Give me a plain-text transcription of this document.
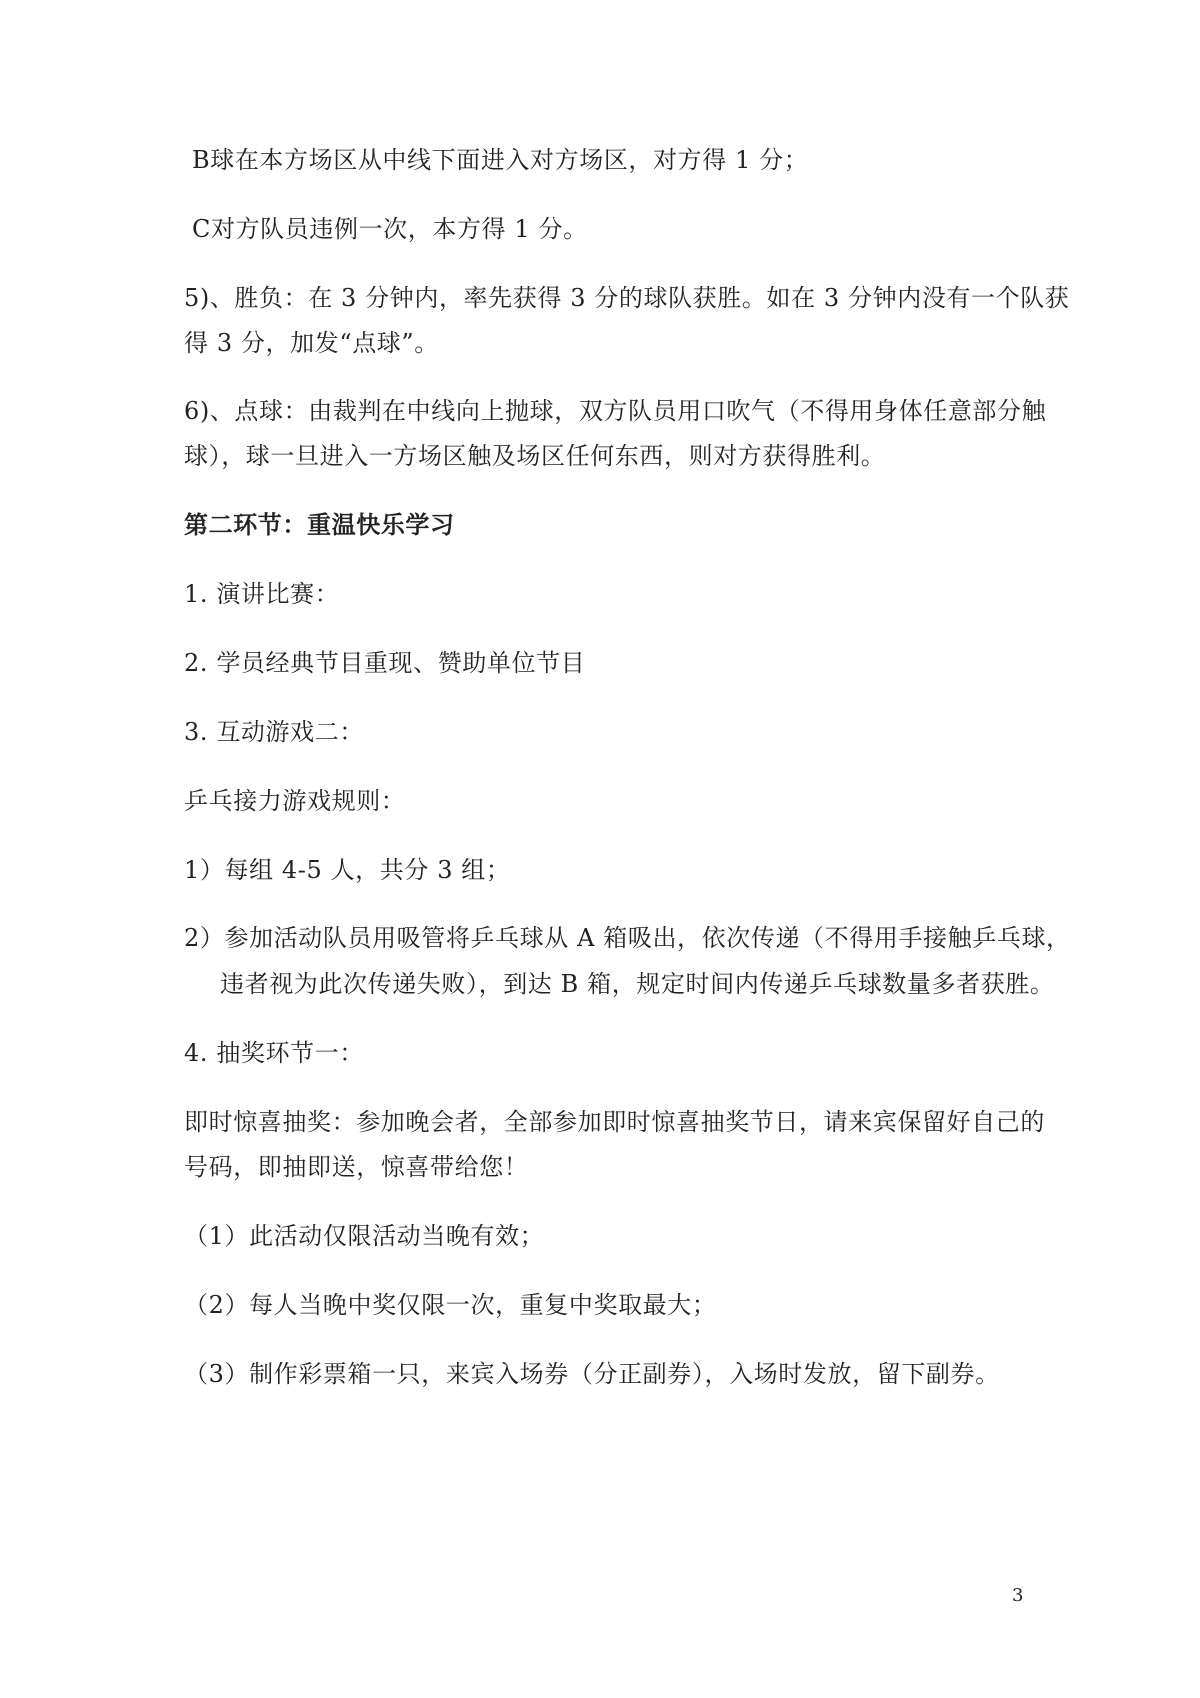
B球在本方场区从中线下面进入对方场区，对方得 1 分；
C对方队员违例一次，本方得 1 分。
5)、胜负：在 3 分钟内，率先获得 3 分的球队获胜。如在 3 分钟内没有一个队获
得 3 分，加发“点球”。
6)、点球：由裁判在中线向上抛球，双方队员用口吹气（不得用身体任意部分触
球），球一旦进入一方场区触及场区任何东西，则对方获得胜利。
第二环节：重温快乐学习
1. 演讲比赛：
2. 学员经典节目重现、赞助单位节目
3. 互动游戏二：
乒乓接力游戏规则：
1）每组 4-5 人，共分 3 组；
2）参加活动队员用吸管将乒乓球从 A 箱吸出，依次传递（不得用手接触乒乓球，
违者视为此次传递失败），到达 B 箱，规定时间内传递乒乓球数量多者获胜。
4. 抽奖环节一：
即时惊喜抽奖：参加晚会者，全部参加即时惊喜抽奖节日，请来宾保留好自己的
号码，即抽即送，惊喜带给您！
（1）此活动仅限活动当晚有效；
（2）每人当晚中奖仅限一次，重复中奖取最大；
（3）制作彩票箱一只，来宾入场券（分正副券），入场时发放，留下副券。
3
